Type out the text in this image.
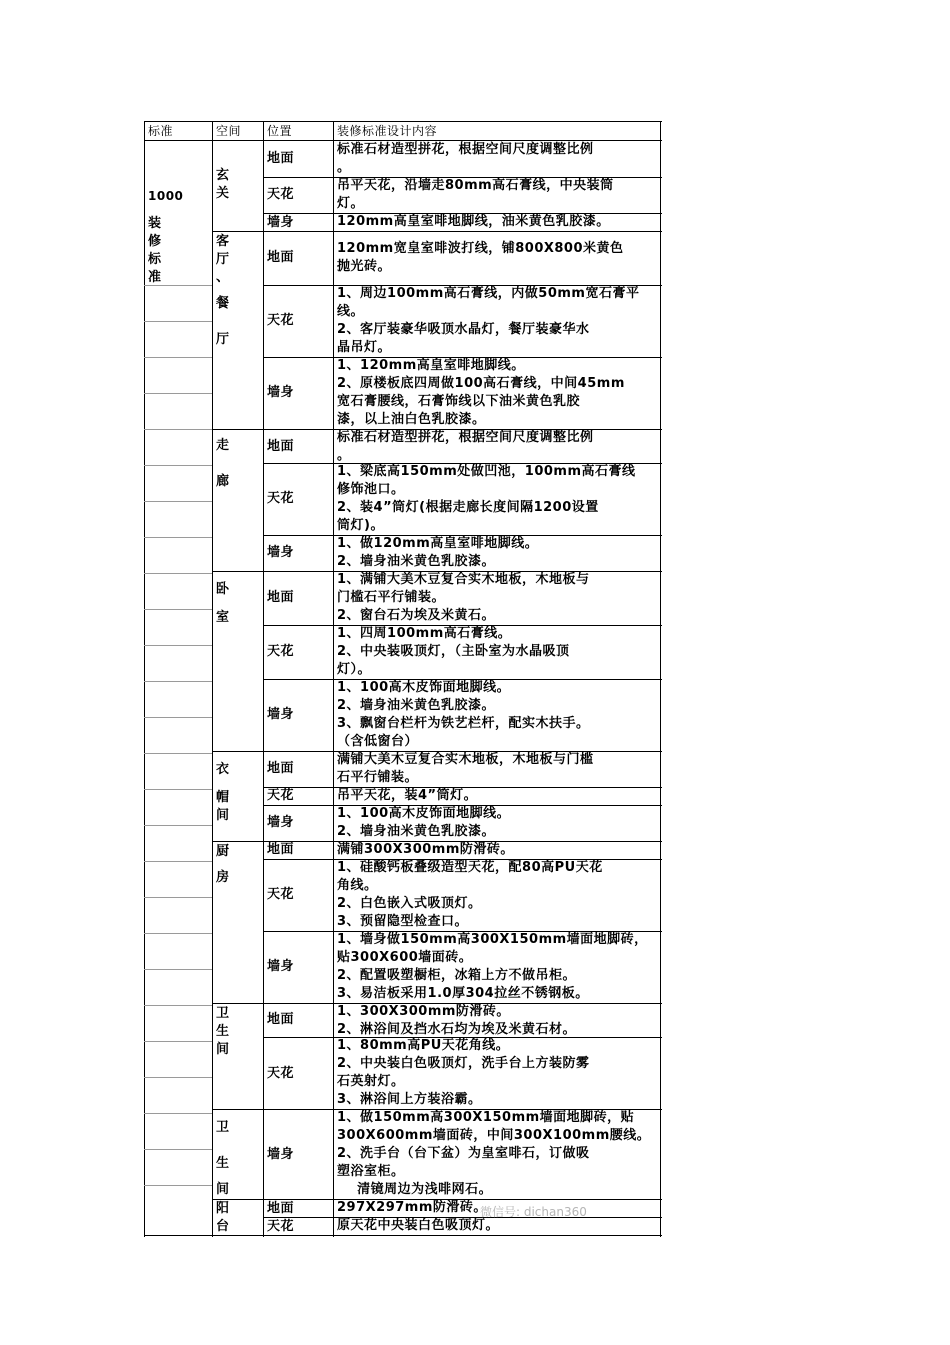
标准	空间 位置	装修标准设计内容
1000
装
修
标
准
玄
关
客
厅
、
餐
厅
走
廊
卧
室
衣
帽
间
厨
房
卫
生
间
卫
生
间
阳
台
地面
天花
墙身
地面
天花
墙身
地面
天花
墙身
地面
天花
墙身
地面
天花
墙身
地面
天花
墙身
地面
天花
墙身
地面
天花
标准石材造型拼花，根据空间尺度调整比例
。
吊平天花，沿墙走80mm高石膏线，中央装筒
灯。
120mm高皇室啡地脚线，油米黄色乳胶漆。
120mm宽皇室啡波打线，铺800X800米黄色
抛光砖。
1、周边100mm高石膏线，内做50mm宽石膏平
线。
2、客厅装豪华吸顶水晶灯，餐厅装豪华水
晶吊灯。
1、120mm高皇室啡地脚线。
2、原楼板底四周做100高石膏线，中间45mm
宽石膏腰线，石膏饰线以下油米黄色乳胶
漆，以上油白色乳胶漆。
标准石材造型拼花，根据空间尺度调整比例
。
1、梁底高150mm处做凹池，100mm高石膏线
修饰池口。
2、装4”筒灯(根据走廊长度间隔1200设置
筒灯)。
1、做120mm高皇室啡地脚线。
2、墙身油米黄色乳胶漆。
1、满铺大美木豆复合实木地板，木地板与
门槛石平行铺装。
2、窗台石为埃及米黄石。
1、四周100mm高石膏线。
2、中央装吸顶灯，（主卧室为水晶吸顶
灯）。
1、100高木皮饰面地脚线。
2、墙身油米黄色乳胶漆。
3、飘窗台栏杆为铁艺栏杆，配实木扶手。
（含低窗台）
满铺大美木豆复合实木地板，木地板与门槛
石平行铺装。
吊平天花，装4”筒灯。
1、100高木皮饰面地脚线。
2、墙身油米黄色乳胶漆。
满铺300X300mm防滑砖。
1、硅酸钙板叠级造型天花，配80高PU天花
角线。
2、白色嵌入式吸顶灯。
3、预留隐型检查口。
1、墙身做150mm高300X150mm墙面地脚砖，
贴300X600墙面砖。
2、配置吸塑橱柜，冰箱上方不做吊柜。
3、易洁板采用1.0厚304拉丝不锈钢板。
1、300X300mm防滑砖。
2、淋浴间及挡水石均为埃及米黄石材。
1、80mm高PU天花角线。
2、中央装白色吸顶灯，洗手台上方装防雾
石英射灯。
3、淋浴间上方装浴霸。
1、做150mm高300X150mm墙面地脚砖，贴
300X600mm墙面砖，中间300X100mm腰线。
2、洗手台（台下盆）为皇室啡石，订做吸
塑浴室柜。
清镜周边为浅啡网石。
297X297mm防滑砖。
原天花中央装白色吸顶灯。
微信号: dichan360
